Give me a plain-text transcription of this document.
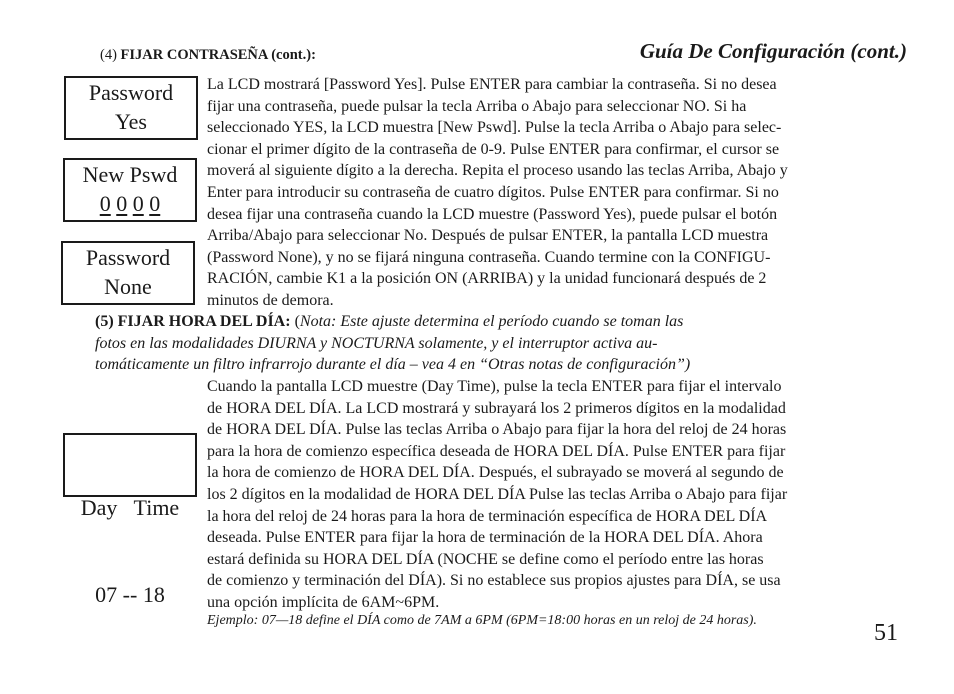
(4) FIJAR CONTRASEÑA (cont.):	Guía De Configuración (cont.)
Password
Yes
New Pswd
0 0 0 0
Password
None

Day   Time

07 -- 18

La LCD mostrará [Password Yes]. Pulse ENTER para cambiar la contraseña. Si no desea
fijar una contraseña, puede pulsar la tecla Arriba o Abajo para seleccionar NO. Si ha
seleccionado YES, la LCD muestra [New Pswd]. Pulse la tecla Arriba o Abajo para selec-
cionar el primer dígito de la contraseña de 0-9. Pulse ENTER para confirmar, el cursor se
moverá al siguiente dígito a la derecha. Repita el proceso usando las teclas Arriba, Abajo y
Enter para introducir su contraseña de cuatro dígitos. Pulse ENTER para confirmar. Si no
desea fijar una contraseña cuando la LCD muestre (Password Yes), puede pulsar el botón
Arriba/Abajo para seleccionar No. Después de pulsar ENTER, la pantalla LCD muestra
(Password None), y no se fijará ninguna contraseña. Cuando termine con la CONFIGU-
RACIÓN, cambie K1 a la posición ON (ARRIBA) y la unidad funcionará después de 2
minutos de demora.
(5) FIJAR HORA DEL DÍA: (Nota: Este ajuste determina el período cuando se toman las
fotos en las modalidades DIURNA y NOCTURNA solamente, y el interruptor activa au-
tomáticamente un filtro infrarrojo durante el día – vea 4 en “Otras notas de configuración”)
Cuando la pantalla LCD muestre (Day Time), pulse la tecla ENTER para fijar el intervalo
de HORA DEL DÍA. La LCD mostrará y subrayará los 2 primeros dígitos en la modalidad
de HORA DEL DÍA. Pulse las teclas Arriba o Abajo para fijar la hora del reloj de 24 horas
para la hora de comienzo específica deseada de HORA DEL DÍA. Pulse ENTER para fijar
la hora de comienzo de HORA DEL DÍA. Después, el subrayado se moverá al segundo de
los 2 dígitos en la modalidad de HORA DEL DÍA Pulse las teclas Arriba o Abajo para fijar
la hora del reloj de 24 horas para la hora de terminación específica de HORA DEL DÍA
deseada. Pulse ENTER para fijar la hora de terminación de la HORA DEL DÍA. Ahora
estará definida su HORA DEL DÍA (NOCHE se define como el período entre las horas
de comienzo y terminación del DÍA). Si no establece sus propios ajustes para DÍA, se usa
una opción implícita de 6AM~6PM.
Ejemplo: 07—18 define el DÍA como de 7AM a 6PM (6PM=18:00 horas en un reloj de 24 horas).	51
